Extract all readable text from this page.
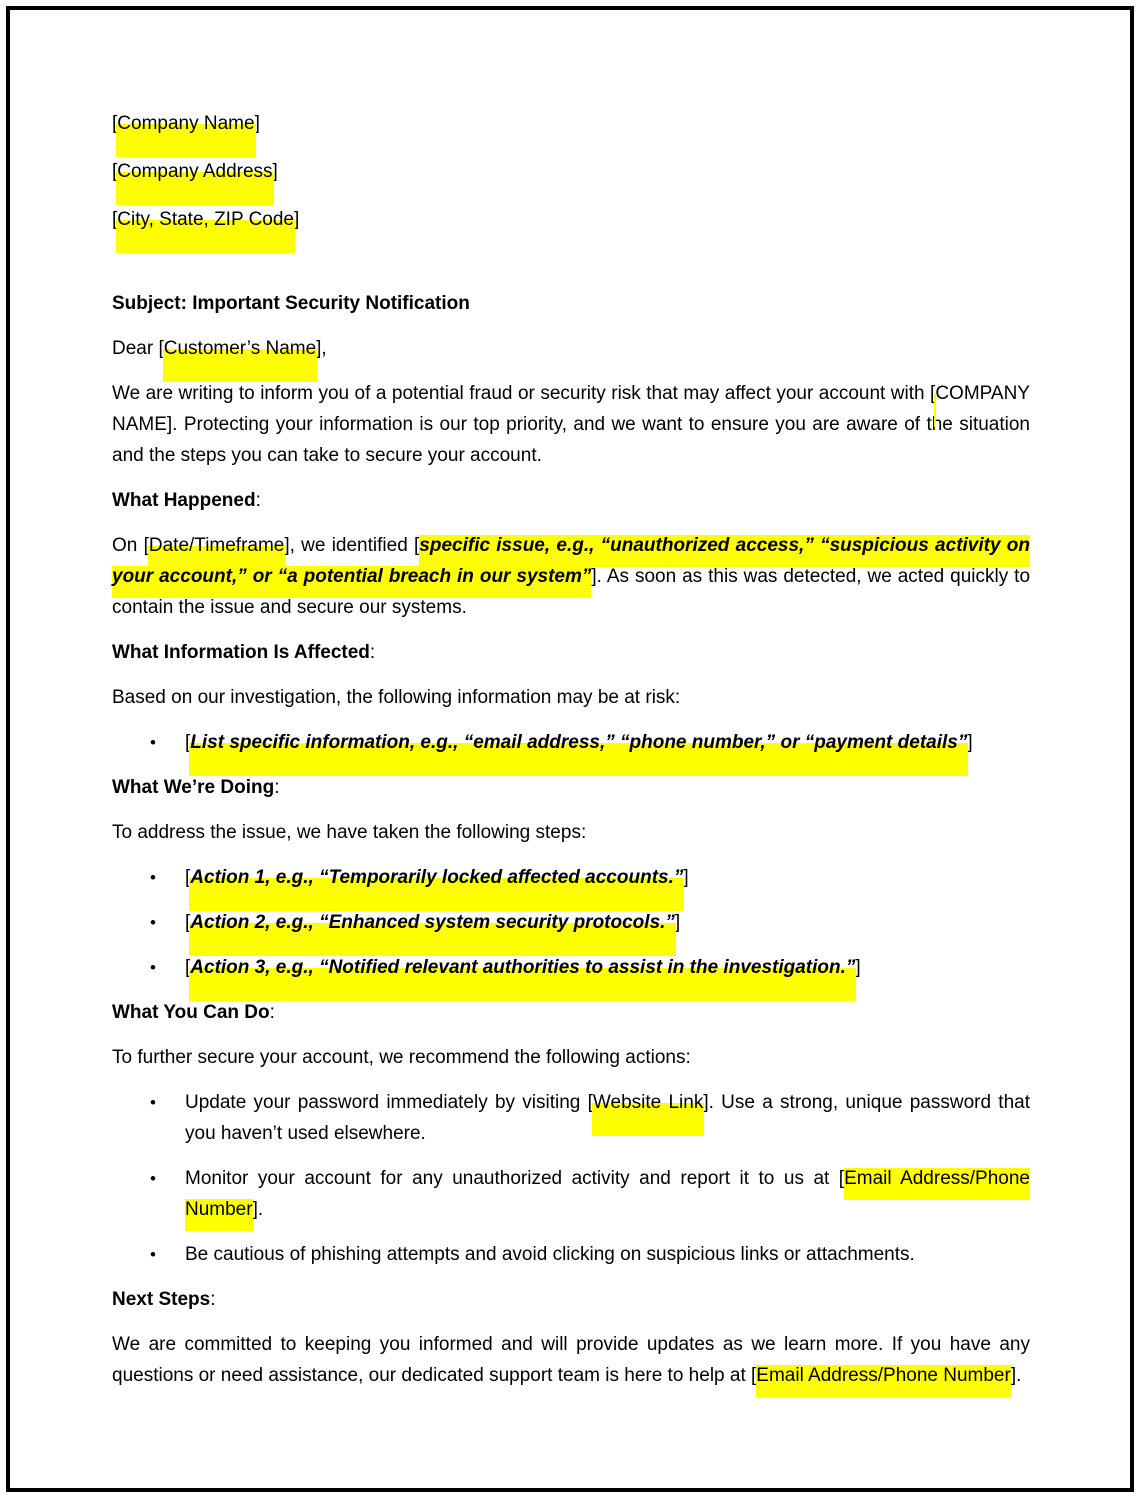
[Company Name]
[Company Address]
[City, State, ZIP Code]
Subject: Important Security Notification
Dear [Customer’s Name],
We are writing to inform you of a potential fraud or security risk that may affect your account with [COMPANY NAME]. Protecting your information is our top priority, and we want to ensure you are aware of the situation and the steps you can take to secure your account.
What Happened:
On [Date/Timeframe], we identified [specific issue, e.g., “unauthorized access,” “suspicious activity on your account,” or “a potential breach in our system”]. As soon as this was detected, we acted quickly to contain the issue and secure our systems.
What Information Is Affected:
Based on our investigation, the following information may be at risk:
• [List specific information, e.g., “email address,” “phone number,” or “payment details”]
What We’re Doing:
To address the issue, we have taken the following steps:
• [Action 1, e.g., “Temporarily locked affected accounts.”]
• [Action 2, e.g., “Enhanced system security protocols.”]
• [Action 3, e.g., “Notified relevant authorities to assist in the investigation.”]
What You Can Do:
To further secure your account, we recommend the following actions:
• Update your password immediately by visiting [Website Link]. Use a strong, unique password that you haven’t used elsewhere.
• Monitor your account for any unauthorized activity and report it to us at [Email Address/Phone Number].
• Be cautious of phishing attempts and avoid clicking on suspicious links or attachments.
Next Steps:
We are committed to keeping you informed and will provide updates as we learn more. If you have any questions or need assistance, our dedicated support team is here to help at [Email Address/Phone Number].
